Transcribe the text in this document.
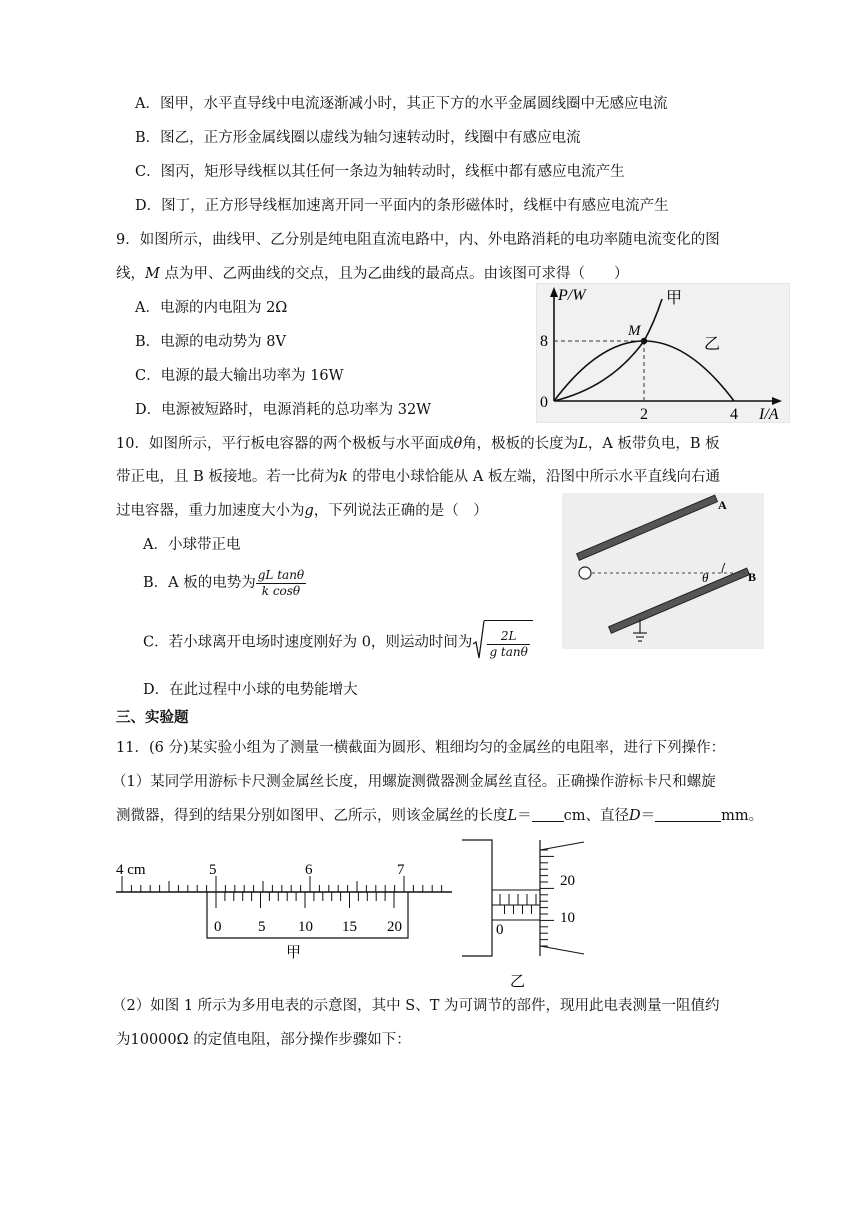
A．图甲，水平直导线中电流逐渐减小时，其正下方的水平金属圆线圈中无感应电流
B．图乙，正方形金属线圈以虚线为轴匀速转动时，线圈中有感应电流
C．图丙，矩形导线框以其任何一条边为轴转动时，线框中都有感应电流产生
D．图丁，正方形导线框加速离开同一平面内的条形磁体时，线框中有感应电流产生
9．如图所示，曲线甲、乙分别是纯电阻直流电路中，内、外电路消耗的电功率随电流变化的图
线，M 点为甲、乙两曲线的交点，且为乙曲线的最高点。由该图可求得（　　）
A．电源的内电阻为 2Ω
B．电源的电动势为 8V
C．电源的最大输出功率为 16W
D．电源被短路时，电源消耗的总功率为 32W
P/W
I/A
0
8
2	4
甲
乙
M
10．如图所示，平行板电容器的两个极板与水平面成θ角，极板的长度为L，A 板带负电，B 板
带正电，且 B 板接地。若一比荷为k 的带电小球恰能从 A 板左端，沿图中所示水平直线向右通
过电容器，重力加速度大小为g，下列说法正确的是（　）
A．小球带正电
B．A 板的电势为 $\frac{\text{gL tanθ}}{\text{k cosθ}}$
C．若小球离开电场时速度刚好为 0，则运动时间为 $\frac{2L}{\text{g tanθ}}$
D．在此过程中小球的电势能增大
A
B
θ
三、实验题
11．(6 分)某实验小组为了测量一横截面为圆形、粗细均匀的金属丝的电阻率，进行下列操作：
（1）某同学用游标卡尺测金属丝长度，用螺旋测微器测金属丝直径。正确操作游标卡尺和螺旋
测微器，得到的结果分别如图甲、乙所示，则该金属丝的长度L＝ cm、直径D＝	mm。
4 cm	5	6	7
0 5 10 15 20
甲
20
10
0
乙
（2）如图 1 所示为多用电表的示意图，其中 S、T 为可调节的部件，现用此电表测量一阻值约
为10000Ω 的定值电阻，部分操作步骤如下：
